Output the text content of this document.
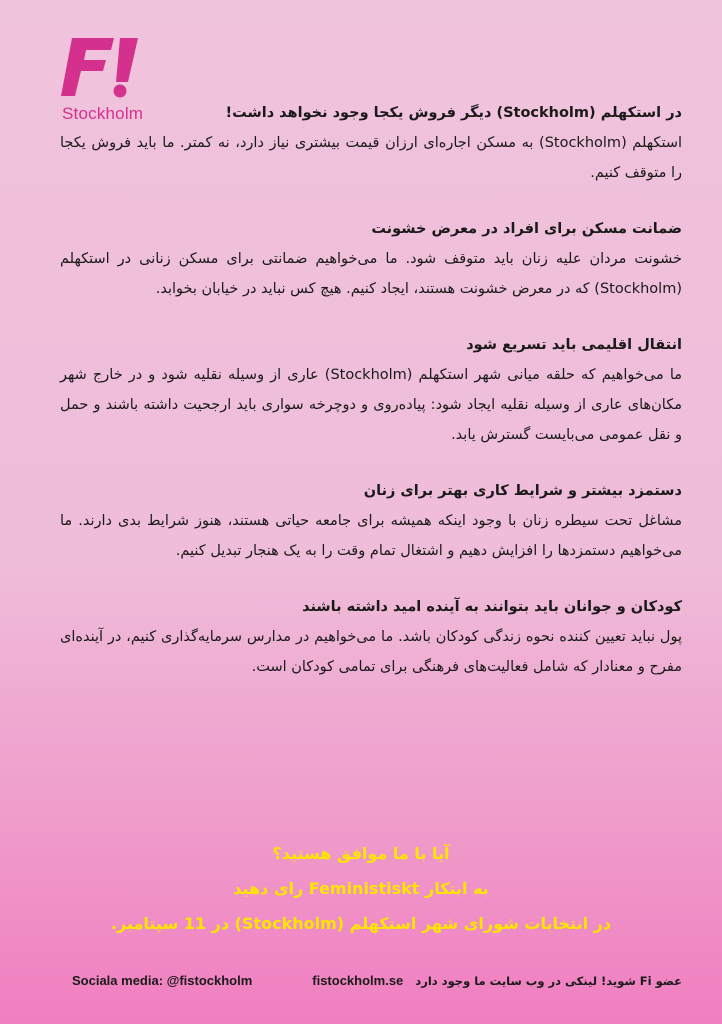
Stockholm	در استکهلم (Stockholm) دیگر فروش یکجا وجود نخواهد داشت!

استکهلم (Stockholm) به مسکن اجاره‌ای ارزان قیمت بیشتری نیاز دارد، نه کمتر. ما باید فروش یکجا را متوقف کنیم.

ضمانت مسکن برای افراد در معرض خشونت

خشونت مردان علیه زنان باید متوقف شود. ما می‌خواهیم ضمانتی برای مسکن زنانی در استکهلم (Stockholm) که در معرض خشونت هستند، ایجاد کنیم. هیچ کس نباید در خیابان بخوابد.

انتقال اقلیمی باید تسریع شود

ما می‌خواهیم که حلقه میانی شهر استکهلم (Stockholm) عاری از وسیله نقلیه شود و در خارج شهر مکان‌های عاری از وسیله نقلیه ایجاد شود: پیاده‌روی و دوچرخه سواری باید ارجحیت داشته باشند و حمل و نقل عمومی می‌بایست گسترش یابد.

دستمزد بیشتر و شرایط کاری بهتر برای زنان

مشاغل تحت سیطره زنان با وجود اینکه همیشه برای جامعه حیاتی هستند، هنوز شرایط بدی دارند. ما می‌خواهیم دستمزدها را افزایش دهیم و اشتغال تمام وقت را به یک هنجار تبدیل کنیم.

کودکان و جوانان باید بتوانند به آینده امید داشته باشند

پول نباید تعیین کننده نحوه زندگی کودکان باشد. ما می‌خواهیم در مدارس سرمایه‌گذاری کنیم، در آینده‌ای مفرح و معنادار که شامل فعالیت‌های فرهنگی برای تمامی کودکان است.

آیا با ما موافق هستید؟
به ابتکار Feministiskt رای دهید
در انتخابات شورای شهر استکهلم (Stockholm) در 11 سپتامبر.
Sociala media: @fistockholm	عضو Fi شوید! لینکی در وب سایت ما وجود دارد   fistockholm.se
